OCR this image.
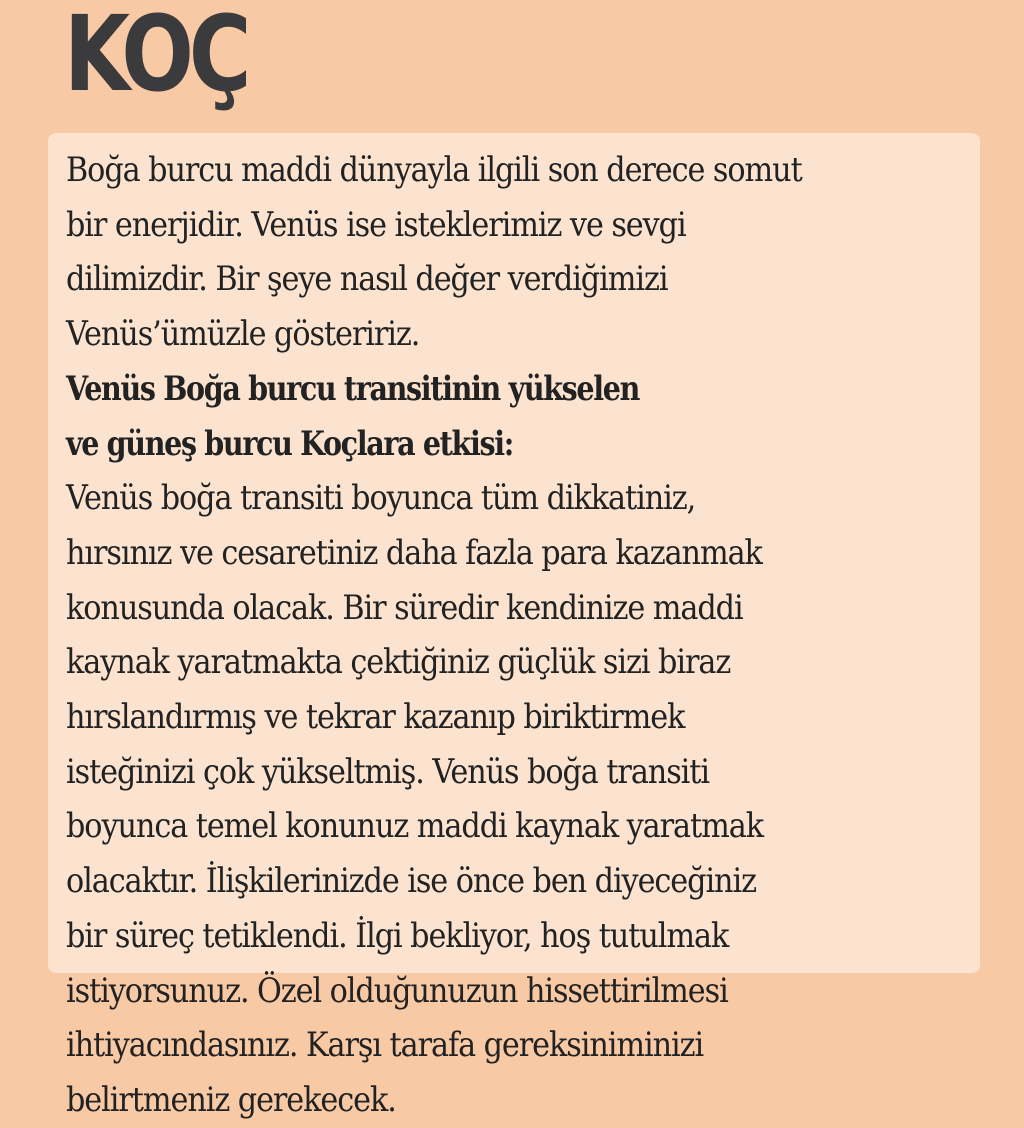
KOÇ
Boğa burcu maddi dünyayla ilgili son derece somut
bir enerjidir. Venüs ise isteklerimiz ve sevgi
dilimizdir. Bir şeye nasıl değer verdiğimizi
Venüs’ümüzle gösteririz.
Venüs Boğa burcu transitinin yükselen
ve güneş burcu Koçlara etkisi:
Venüs boğa transiti boyunca tüm dikkatiniz,
hırsınız ve cesaretiniz daha fazla para kazanmak
konusunda olacak. Bir süredir kendinize maddi
kaynak yaratmakta çektiğiniz güçlük sizi biraz
hırslandırmış ve tekrar kazanıp biriktirmek
isteğinizi çok yükseltmiş. Venüs boğa transiti
boyunca temel konunuz maddi kaynak yaratmak
olacaktır. İlişkilerinizde ise önce ben diyeceğiniz
bir süreç tetiklendi. İlgi bekliyor, hoş tutulmak
istiyorsunuz. Özel olduğunuzun hissettirilmesi
ihtiyacındasınız. Karşı tarafa gereksiniminizi
belirtmeniz gerekecek.
